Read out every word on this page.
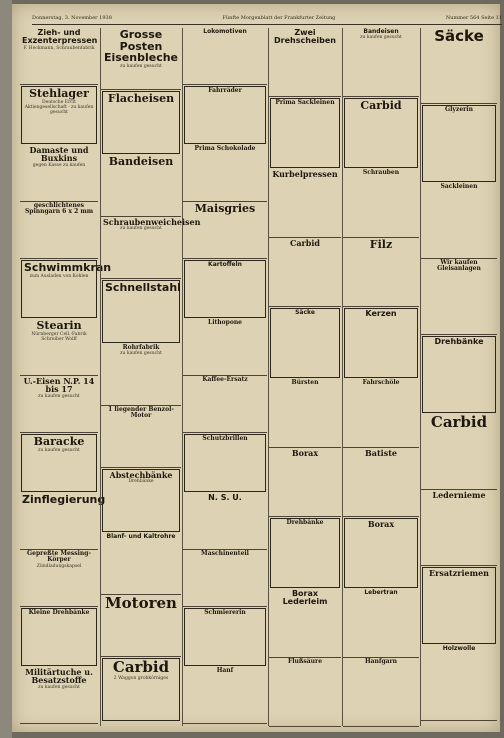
Donnerstag, 3. November 1938	Fünfte Morgenblatt der Frankfurter Zeitung	Nummer 564 Seite 11
Zieh- und Exzenterpressen
F. Heckmann, Schraubenfabrik
Stehlager
Deutsche Ercit Aktiengesellschaft · zu kaufen gesucht
Damaste und Buxkins
gegen Kasse zu kaufen
geschlichtenes Spinngarn 6 x 2 mm
Schwimmkran
zum Ausladen von Kohlen
Stearin
Nürnberger Cell.-Fabrik Schreiber Wolff
U.-Eisen N.P. 14 bis 17
zu kaufen gesucht
Baracke
zu kaufen gesucht
Zinflegierung
Gepreßte Messing-Körper
Zündladungskapsel
Kleine Drehbänke
Militärtuche u. Besatzstoffe
zu kaufen gesucht
Grosse Posten Eisenbleche
zu kaufen gesucht
Flacheisen
Bandeisen
Schraubenweicheisen
zu kaufen gesucht
Schnellstahl
Rohrfabrik
zu kaufen gesucht
1 liegender Benzol-Motor
Abstechbänke
Drehbänke
Blanf- und Kaltrohre
Motoren
Carbid
2 Waggon grobkörniges
Lokomotiven
Fahrräder
Prima Schokolade
Maisgries
Kartoffeln
Lithopone
Kaffee-Ersatz
Schutzbrillen
N. S. U.
Maschinenteil
Schmiererin
Hanf
Zwei Drehscheiben
Prima Sackleinen
Kurbelpressen
Carbid
Säcke
Bürsten
Borax
Drehbänke
Borax Lederleim
Flußsäure
Bandeisen
zu kaufen gesucht
Carbid
Schrauben
Filz
Kerzen
Fahrschöle
Batiste
Borax
Lebertran
Hanfgarn
Säcke
Glyzerin
Sackleinen
Wir kaufen Gleisanlagen
Drehbänke
Carbid
Ledernieme
Ersatzriemen
Holzwolle
